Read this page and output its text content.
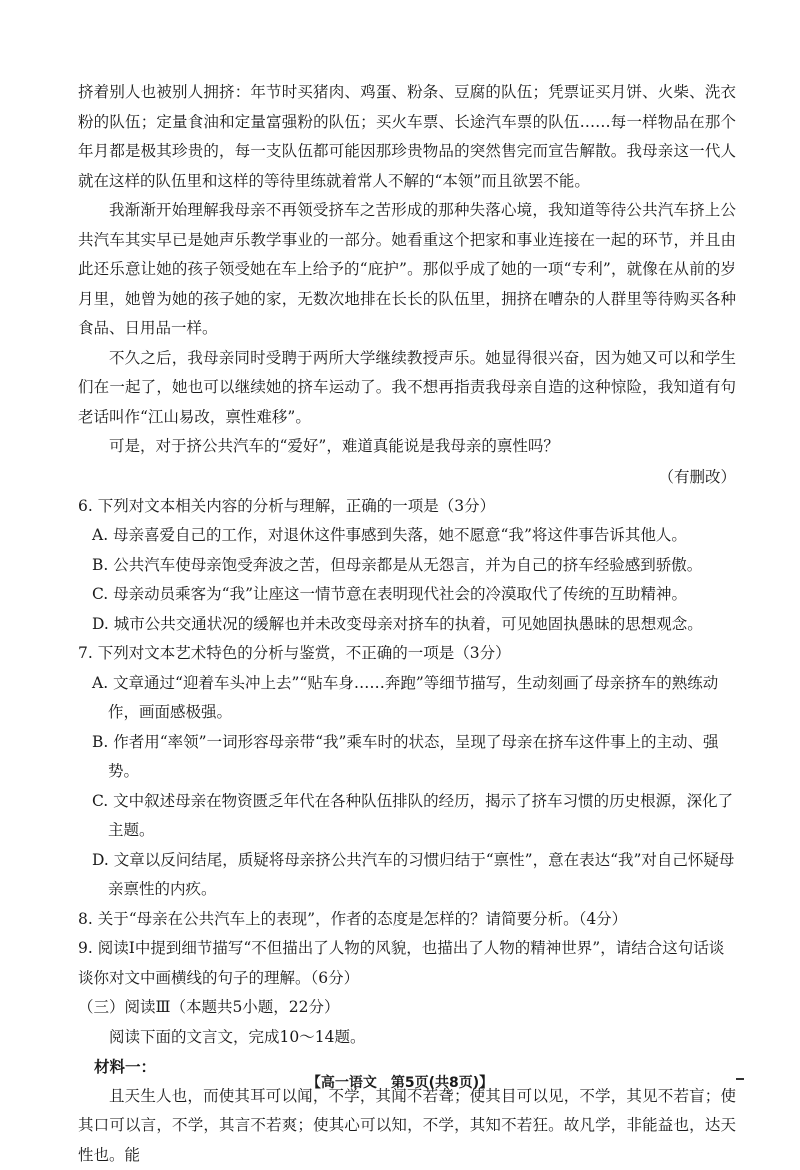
挤着别人也被别人拥挤：年节时买猪肉、鸡蛋、粉条、豆腐的队伍；凭票证买月饼、火柴、洗衣粉的队伍；定量食油和定量富强粉的队伍；买火车票、长途汽车票的队伍……每一样物品在那个年月都是极其珍贵的，每一支队伍都可能因那珍贵物品的突然售完而宣告解散。我母亲这一代人就在这样的队伍里和这样的等待里练就着常人不解的“本领”而且欲罢不能。

我渐渐开始理解我母亲不再领受挤车之苦形成的那种失落心境，我知道等待公共汽车挤上公共汽车其实早已是她声乐教学事业的一部分。她看重这个把家和事业连接在一起的环节，并且由此还乐意让她的孩子领受她在车上给予的“庇护”。那似乎成了她的一项“专利”，就像在从前的岁月里，她曾为她的孩子她的家，无数次地排在长长的队伍里，拥挤在嘈杂的人群里等待购买各种食品、日用品一样。

不久之后，我母亲同时受聘于两所大学继续教授声乐。她显得很兴奋，因为她又可以和学生们在一起了，她也可以继续她的挤车运动了。我不想再指责我母亲自造的这种惊险，我知道有句老话叫作“江山易改，禀性难移”。

可是，对于挤公共汽车的“爱好”，难道真能说是我母亲的禀性吗？

（有删改）

6. 下列对文本相关内容的分析与理解，正确的一项是（3分）

A. 母亲喜爱自己的工作，对退休这件事感到失落，她不愿意“我”将这件事告诉其他人。

B. 公共汽车使母亲饱受奔波之苦，但母亲都是从无怨言，并为自己的挤车经验感到骄傲。

C. 母亲动员乘客为“我”让座这一情节意在表明现代社会的冷漠取代了传统的互助精神。

D. 城市公共交通状况的缓解也并未改变母亲对挤车的执着，可见她固执愚昧的思想观念。

7. 下列对文本艺术特色的分析与鉴赏，不正确的一项是（3分）

A. 文章通过“迎着车头冲上去”“贴车身……奔跑”等细节描写，生动刻画了母亲挤车的熟练动作，画面感极强。

B. 作者用“率领”一词形容母亲带“我”乘车时的状态，呈现了母亲在挤车这件事上的主动、强势。

C. 文中叙述母亲在物资匮乏年代在各种队伍排队的经历，揭示了挤车习惯的历史根源，深化了主题。

D. 文章以反问结尾，质疑将母亲挤公共汽车的习惯归结于“禀性”，意在表达“我”对自己怀疑母亲禀性的内疚。

8. 关于“母亲在公共汽车上的表现”，作者的态度是怎样的？请简要分析。（4分）

9. 阅读Ⅰ中提到细节描写“不但描出了人物的风貌，也描出了人物的精神世界”，请结合这句话谈谈你对文中画横线的句子的理解。（6分）

（三）阅读Ⅲ（本题共5小题，22分）

阅读下面的文言文，完成10～14题。

材料一：

且天生人也，而使其耳可以闻，不学，其闻不若聋；使其目可以见，不学，其见不若盲；使其口可以言，不学，其言不若爽；使其心可以知，不学，其知不若狂。故凡学，非能益也，达天性也。能

【高一语文　第5页(共8页)】
